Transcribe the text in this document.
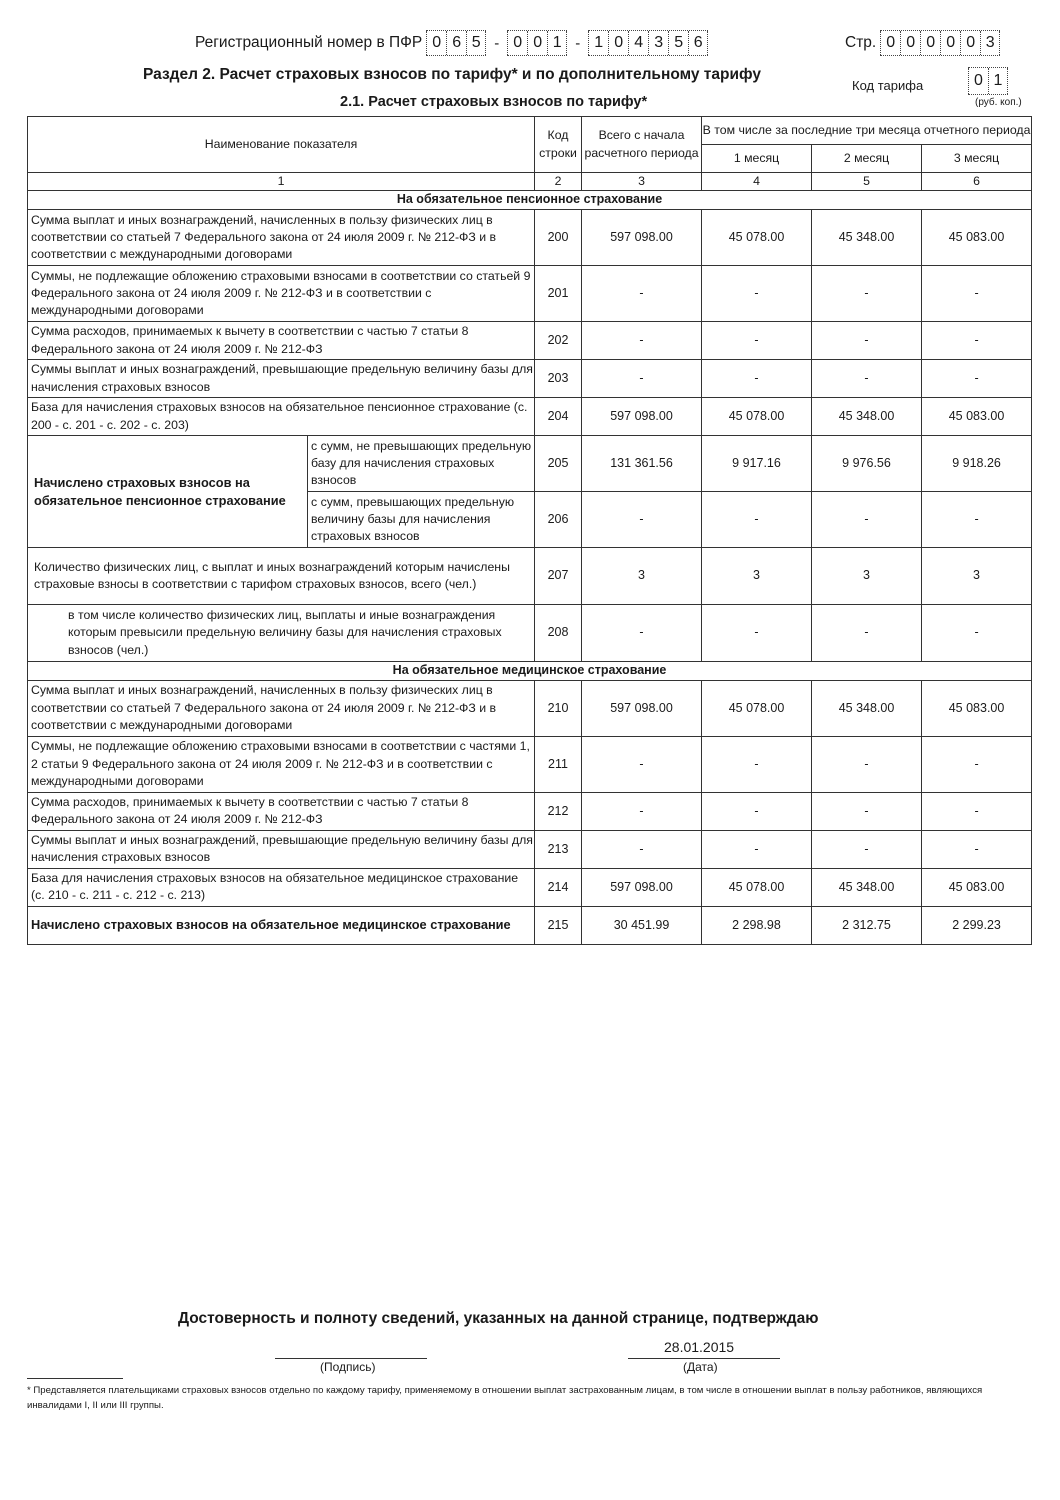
Регистрационный номер в ПФР 0 6 5 - 0 0 1 - 1 0 4 3 5 6	Стр. 0 0 0 0 0 3
Раздел 2. Расчет страховых взносов по тарифу* и по дополнительному тарифу
Код тарифа	0 1
(руб. коп.)
2.1. Расчет страховых взносов по тарифу*
Наименование показателя		Код строки	Всего с начала расчетного периода	В том числе за последние три месяца отчетного периода		
				1 месяц	2 месяц	3 месяц
1		2	3	4	5	6
На обязательное пенсионное страхование						
Сумма выплат и иных вознаграждений, начисленных в пользу физических лиц в соответствии со статьей 7 Федерального закона от 24 июля 2009 г. № 212-ФЗ и в соответствии с международными договорами		200	597 098.00	45 078.00	45 348.00	45 083.00
Суммы, не подлежащие обложению страховыми взносами в соответствии со статьей 9 Федерального закона от 24 июля 2009 г. № 212-ФЗ и в соответствии с международными договорами		201	-	-	-	-
Сумма расходов, принимаемых к вычету в соответствии с частью 7 статьи 8 Федерального закона от 24 июля 2009 г. № 212-ФЗ		202	-	-	-	-
Суммы выплат и иных вознаграждений, превышающие предельную величину базы для начисления страховых взносов		203	-	-	-	-
База для начисления страховых взносов на обязательное пенсионное страхование (с. 200 - с. 201 - с. 202 - с. 203)		204	597 098.00	45 078.00	45 348.00	45 083.00
Начислено страховых взносов на обязательное пенсионное страхование	с сумм, не превышающих предельную базу для начисления страховых взносов	205	131 361.56	9 917.16	9 976.56	9 918.26
	с сумм, превышающих предельную величину базы для начисления страховых взносов	206	-	-	-	-
Количество физических лиц, с выплат и иных вознаграждений которым начислены страховые взносы в соответствии с тарифом страховых взносов, всего (чел.)		207	3	3	3	3
в том числе количество физических лиц, выплаты и иные вознаграждения которым превысили предельную величину базы для начисления страховых взносов (чел.)		208	-	-	-	-
На обязательное медицинское страхование						
Сумма выплат и иных вознаграждений, начисленных в пользу физических лиц в соответствии со статьей 7 Федерального закона от 24 июля 2009 г. № 212-ФЗ и в соответствии с международными договорами		210	597 098.00	45 078.00	45 348.00	45 083.00
Суммы, не подлежащие обложению страховыми взносами в соответствии с частями 1, 2 статьи 9 Федерального закона от 24 июля 2009 г. № 212-ФЗ и в соответствии с международными договорами		211	-	-	-	-
Сумма расходов, принимаемых к вычету в соответствии с частью 7 статьи 8 Федерального закона от 24 июля 2009 г. № 212-ФЗ		212	-	-	-	-
Суммы выплат и иных вознаграждений, превышающие предельную величину базы для начисления страховых взносов		213	-	-	-	-
База для начисления страховых взносов на обязательное медицинское страхование (с. 210 - с. 211 - с. 212 - с. 213)		214	597 098.00	45 078.00	45 348.00	45 083.00
Начислено страховых взносов на обязательное медицинское страхование		215	30 451.99	2 298.98	2 312.75	2 299.23
Достоверность и полноту сведений, указанных на данной странице, подтверждаю
(Подпись)
28.01.2015
(Дата)
* Представляется плательщиками страховых взносов отдельно по каждому тарифу, применяемому в отношении выплат застрахованным лицам, в том числе в отношении выплат в пользу работников, являющихся инвалидами I, II или III группы.
